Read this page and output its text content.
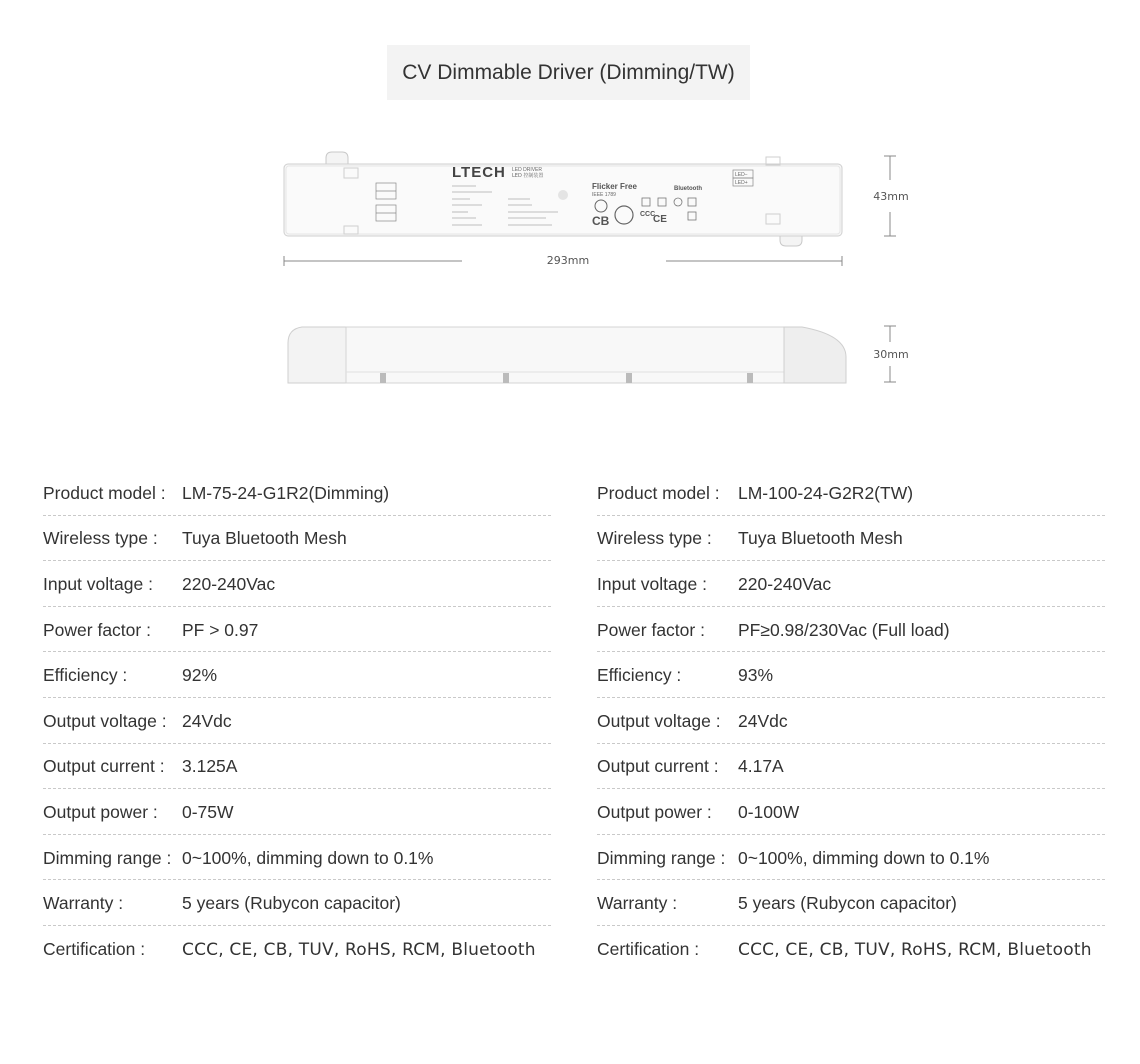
CV Dimmable Driver (Dimming/TW)
LTECH LED DRIVER
LED 控制装置
Flicker Free
IEEE 1789
Bluetooth
CB	CCC
CE
LED−
LED+
293mm
43mm
30mm
Product model : LM-75-24-G1R2(Dimming)
Wireless type :	Tuya Bluetooth Mesh
Input voltage :	220-240Vac
Power factor :	PF > 0.97
Efficiency :	92%
Output voltage : 24Vdc
Output current : 3.125A
Output power :	0-75W
Dimming range : 0~100%, dimming down to 0.1%
Warranty :	5 years (Rubycon capacitor)
Certification :	CCC, CE, CB, TUV, RoHS, RCM, Bluetooth
Product model :	LM-100-24-G2R2(TW)
Wireless type :	Tuya Bluetooth Mesh
Input voltage :	220-240Vac
Power factor :	PF≥0.98/230Vac (Full load)
Efficiency :	93%
Output voltage : 24Vdc
Output current :	4.17A
Output power :	0-100W
Dimming range : 0~100%, dimming down to 0.1%
Warranty :	5 years (Rubycon capacitor)
Certification :	CCC, CE, CB, TUV, RoHS, RCM, Bluetooth
